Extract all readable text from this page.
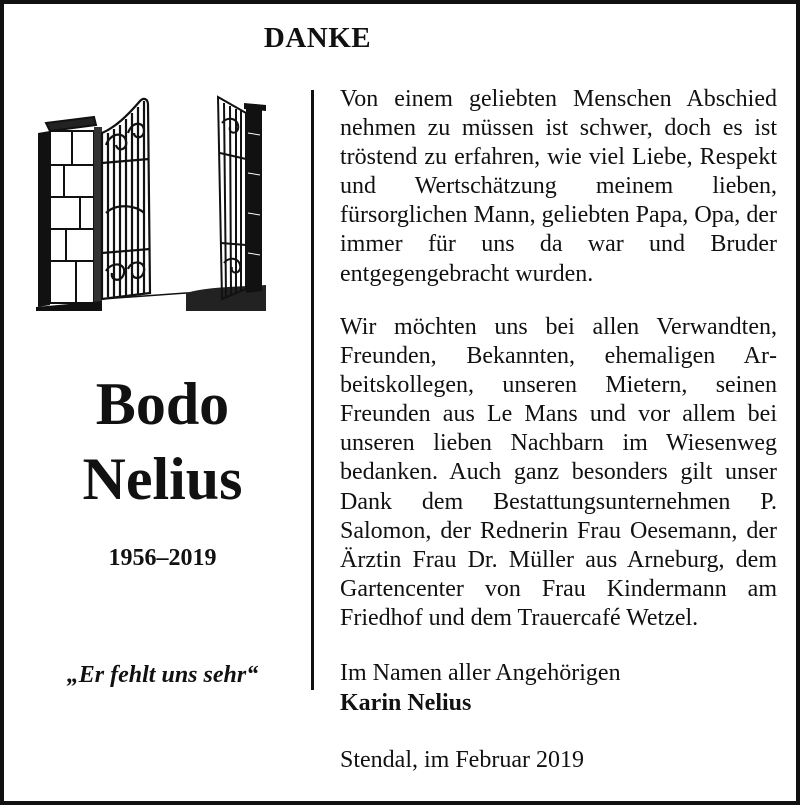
DANKE
Bodo
Nelius
1956–2019
„Er fehlt uns sehr“
Von einem geliebten Menschen Abschied nehmen zu müssen ist schwer, doch es ist tröstend zu erfahren, wie viel Liebe, Respekt und Wertschätzung meinem lieben, fürsorglichen Mann, geliebten Papa, Opa, der immer für uns da war und Bruder entgegengebracht wurden.
Wir möchten uns bei allen Verwandten, Freunden, Bekannten, ehemaligen Arbeitskollegen, unseren Mietern, seinen Freunden aus Le Mans und vor allem bei unseren lieben Nachbarn im Wiesenweg bedanken. Auch ganz besonders gilt unser Dank dem Bestattungsunternehmen P. Salomon, der Rednerin Frau Oesemann, der Ärztin Frau Dr. Müller aus Arneburg, dem Gartencenter von Frau Kindermann am Friedhof und dem Trauercafé Wetzel.
Im Namen aller Angehörigen
Karin Nelius
Stendal, im Februar 2019
